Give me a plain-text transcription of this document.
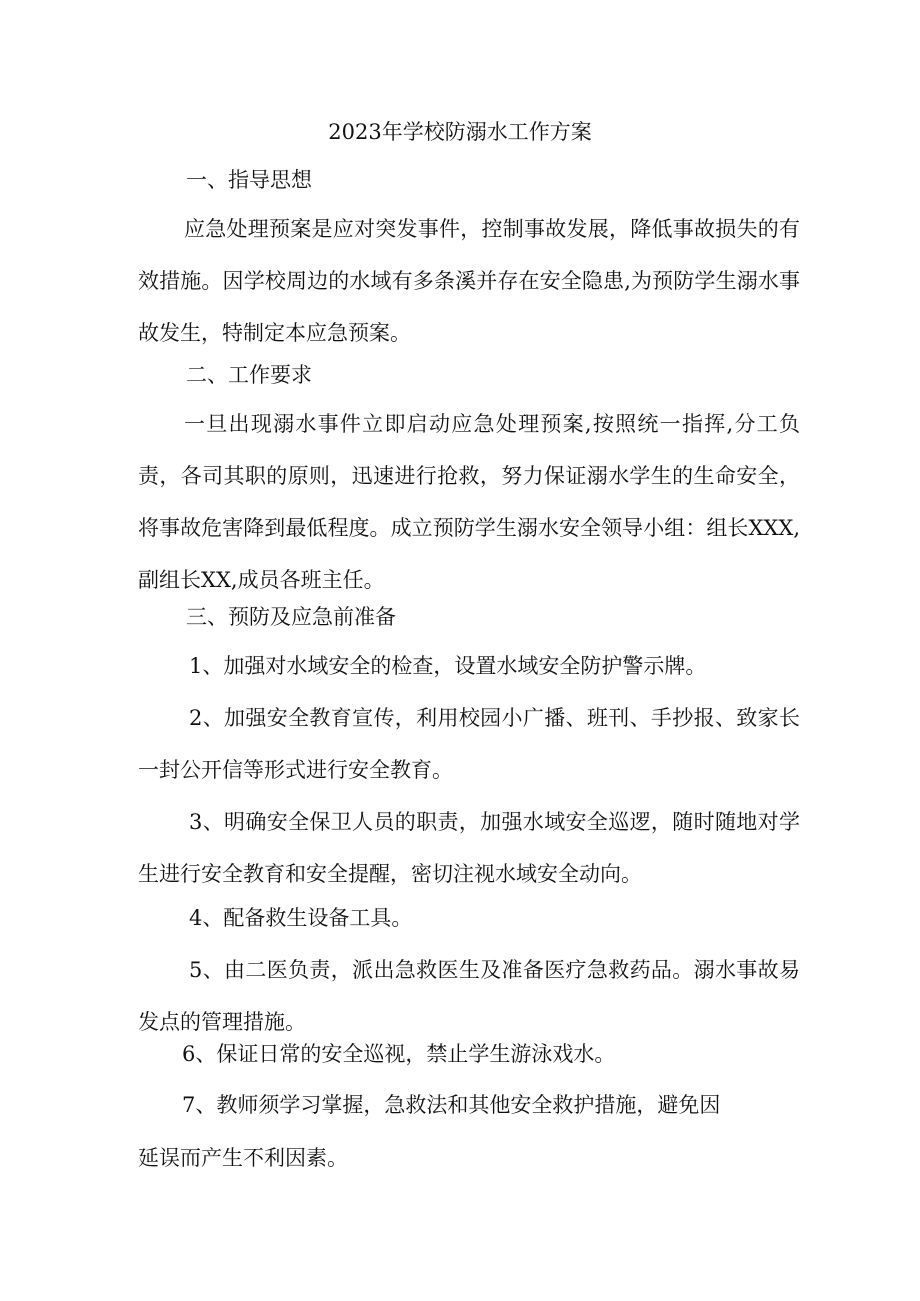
2023年学校防溺水工作方案

一、指导思想

应急处理预案是应对突发事件，控制事故发展，降低事故损失的有效措施。因学校周边的水域有多条溪并存在安全隐患,为预防学生溺水事故发生，特制定本应急预案。

二、工作要求

一旦出现溺水事件立即启动应急处理预案,按照统一指挥,分工负责，各司其职的原则，迅速进行抢救，努力保证溺水学生的生命安全，将事故危害降到最低程度。成立预防学生溺水安全领导小组：组长XXX,副组长XX,成员各班主任。

三、预防及应急前准备

1、加强对水域安全的检查，设置水域安全防护警示牌。

2、加强安全教育宣传，利用校园小广播、班刊、手抄报、致家长一封公开信等形式进行安全教育。

3、明确安全保卫人员的职责，加强水域安全巡逻，随时随地对学生进行安全教育和安全提醒，密切注视水域安全动向。

4、配备救生设备工具。

5、由二医负责，派出急救医生及准备医疗急救药品。溺水事故易发点的管理措施。

6、保证日常的安全巡视，禁止学生游泳戏水。

7、教师须学习掌握，急救法和其他安全救护措施，避免因

延误而产生不利因素。
